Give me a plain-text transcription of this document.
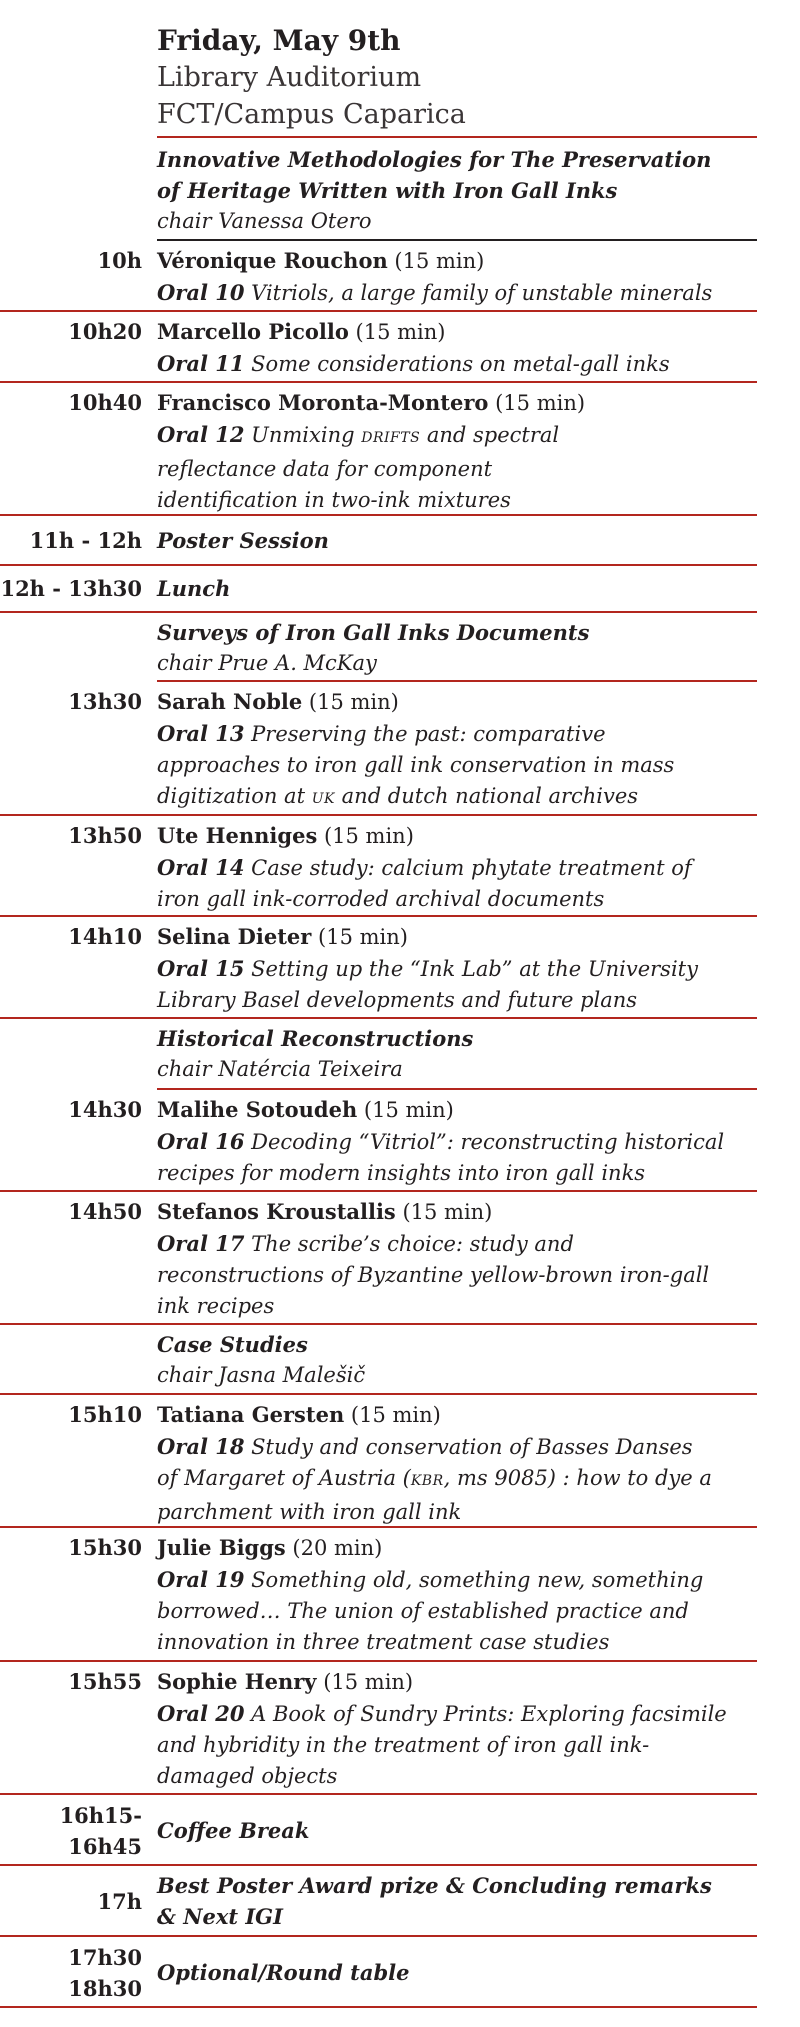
Friday, May 9th
Library Auditorium
FCT/Campus Caparica
Innovative Methodologies for The Preservation
of Heritage Written with Iron Gall Inks
chair Vanessa Otero
10h Véronique Rouchon (15 min)
Oral 10 Vitriols, a large family of unstable minerals
10h20 Marcello Picollo (15 min)
Oral 11 Some considerations on metal-gall inks
10h40 Francisco Moronta-Montero (15 min)
Oral 12 Unmixing DRIFTS and spectral
reflectance data for component
identification in two-ink mixtures
11h - 12h Poster Session
12h - 13h30 Lunch
Surveys of Iron Gall Inks Documents
chair Prue A. McKay
13h30 Sarah Noble (15 min)
Oral 13 Preserving the past: comparative
approaches to iron gall ink conservation in mass
digitization at UK and dutch national archives
13h50 Ute Henniges (15 min)
Oral 14 Case study: calcium phytate treatment of
iron gall ink-corroded archival documents
14h10 Selina Dieter (15 min)
Oral 15 Setting up the “Ink Lab” at the University
Library Basel developments and future plans
Historical Reconstructions
chair Natércia Teixeira
14h30 Malihe Sotoudeh (15 min)
Oral 16 Decoding “Vitriol”: reconstructing historical
recipes for modern insights into iron gall inks
14h50 Stefanos Kroustallis (15 min)
Oral 17 The scribe’s choice: study and
reconstructions of Byzantine yellow-brown iron-gall
ink recipes
Case Studies
chair Jasna Malešič
15h10 Tatiana Gersten (15 min)
Oral 18 Study and conservation of Basses Danses
of Margaret of Austria (KBR, ms 9085) : how to dye a
parchment with iron gall ink
15h30 Julie Biggs (20 min)
Oral 19 Something old, something new, something
borrowed… The union of established practice and
innovation in three treatment case studies
15h55 Sophie Henry (15 min)
Oral 20 A Book of Sundry Prints: Exploring facsimile
and hybridity in the treatment of iron gall ink-
damaged objects
16h15-
16h45
Coffee Break
17h
Best Poster Award prize & Concluding remarks
& Next IGI
17h30
18h30
Optional/Round table
